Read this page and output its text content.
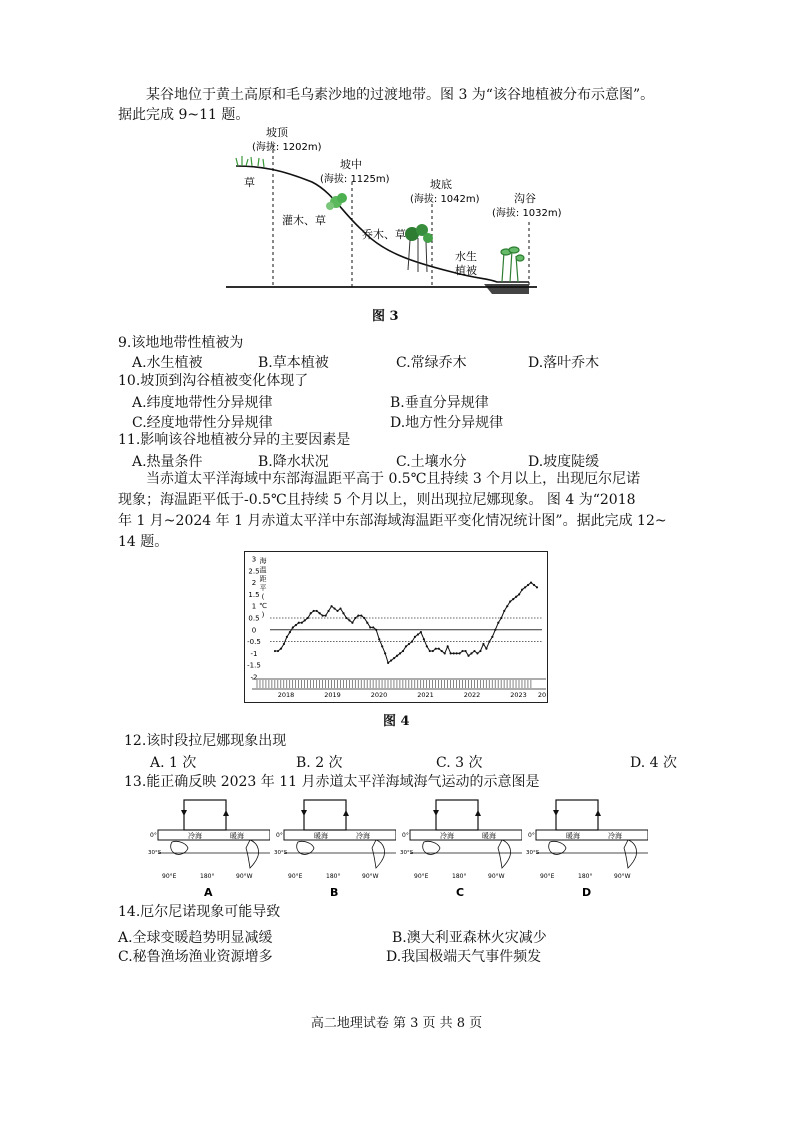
某谷地位于黄土高原和毛乌素沙地的过渡地带。图 3 为“该谷地植被分布示意图”。
据此完成 9~11 题。
坡顶
(海拔: 1202m)
坡中
(海拔: 1125m)	坡底
(海拔: 1042m)	沟谷
(海拔: 1032m)
草
灌木、草
乔木、草
水生
植被
图 3
9.该地地带性植被为
A.水生植被	B.草本植被	C.常绿乔木	D.落叶乔木
10.坡顶到沟谷植被变化体现了
A.纬度地带性分异规律	B.垂直分异规律
C.经度地带性分异规律	D.地方性分异规律
11.影响该谷地植被分异的主要因素是
A.热量条件	B.降水状况	C.土壤水分	D.坡度陡缓
当赤道太平洋海域中东部海温距平高于 0.5℃且持续 3 个月以上，出现厄尔尼诺
现象；海温距平低于-0.5℃且持续 5 个月以上，则出现拉尼娜现象。 图 4 为“2018
年 1 月~2024 年 1 月赤道太平洋中东部海域海温距平变化情况统计图”。据此完成 12~
14 题。
海
温
距
平
(
℃
)
3
2.5
2
1.5
1
0.5
0
-0.5
-1
-1.5
-2
2018	2019	2020	2021	2022	2023 20
图 4
12.该时段拉尼娜现象出现
A. 1 次	B. 2 次	C. 3 次	D. 4 次
13.能正确反映 2023 年 11 月赤道太平洋海域海气运动的示意图是
冷海	暖海
0°
30°S
90°E	180°	90°W
A
暖海	冷海
0°
30°S
90°E	180°	90°W
B
冷海	暖海
0°
30°S
90°E	180°	90°W
C
暖海	冷海
0°
30°S
90°E	180°	90°W
D
14.厄尔尼诺现象可能导致
A.全球变暖趋势明显减缓	B.澳大利亚森林火灾减少
C.秘鲁渔场渔业资源增多	D.我国极端天气事件频发
高二地理试卷 第 3 页 共 8 页
